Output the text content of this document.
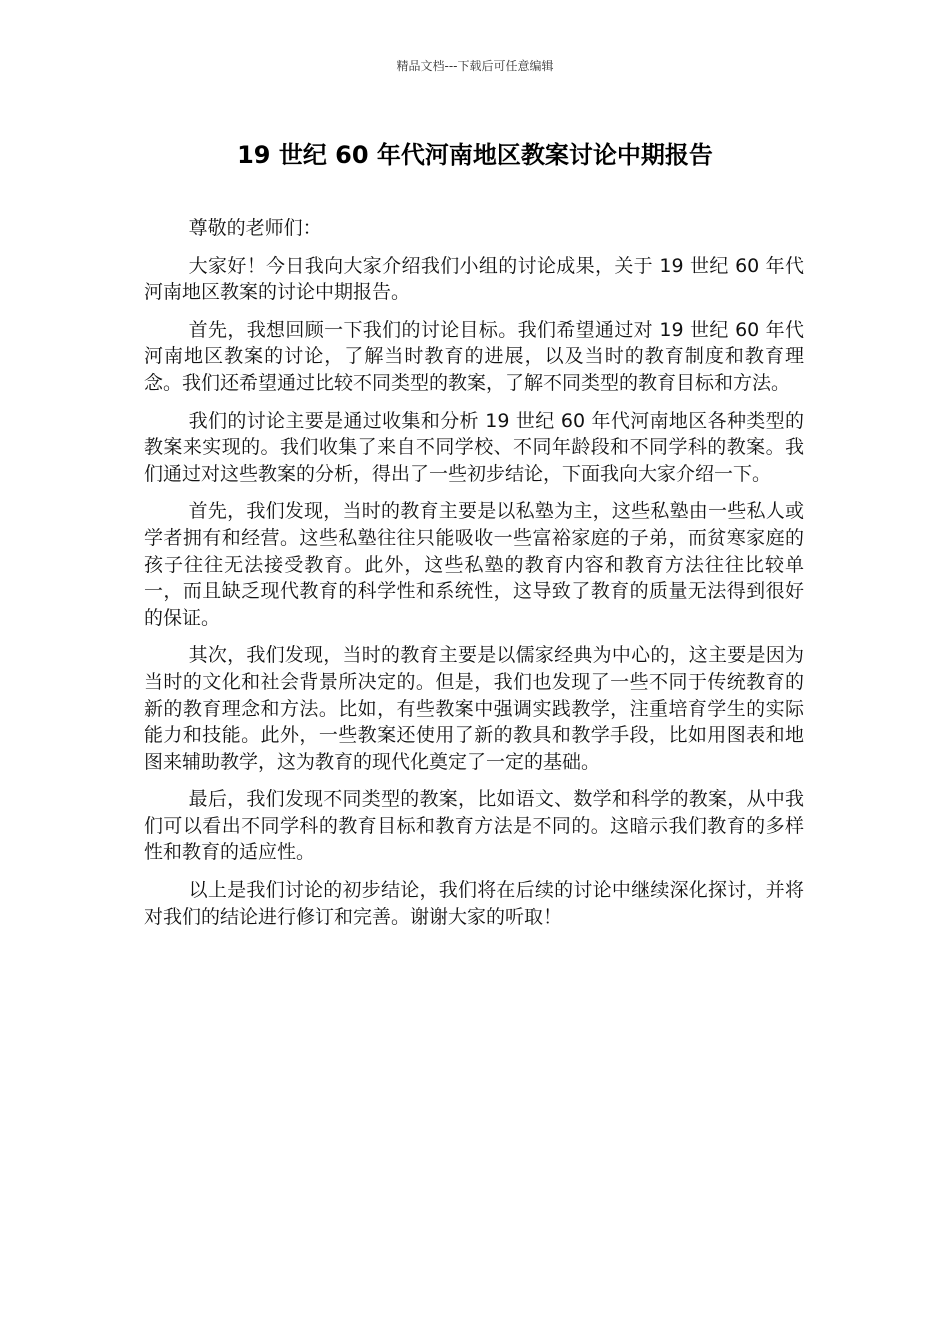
精品文档---下载后可任意编辑
19 世纪 60 年代河南地区教案讨论中期报告

尊敬的老师们：

大家好！今日我向大家介绍我们小组的讨论成果，关于 19 世纪 60 年代河南地区教案的讨论中期报告。

首先，我想回顾一下我们的讨论目标。我们希望通过对 19 世纪 60 年代河南地区教案的讨论，了解当时教育的进展，以及当时的教育制度和教育理念。我们还希望通过比较不同类型的教案，了解不同类型的教育目标和方法。

我们的讨论主要是通过收集和分析 19 世纪 60 年代河南地区各种类型的教案来实现的。我们收集了来自不同学校、不同年龄段和不同学科的教案。我们通过对这些教案的分析，得出了一些初步结论，下面我向大家介绍一下。

首先，我们发现，当时的教育主要是以私塾为主，这些私塾由一些私人或学者拥有和经营。这些私塾往往只能吸收一些富裕家庭的子弟，而贫寒家庭的孩子往往无法接受教育。此外，这些私塾的教育内容和教育方法往往比较单一，而且缺乏现代教育的科学性和系统性，这导致了教育的质量无法得到很好的保证。

其次，我们发现，当时的教育主要是以儒家经典为中心的，这主要是因为当时的文化和社会背景所决定的。但是，我们也发现了一些不同于传统教育的新的教育理念和方法。比如，有些教案中强调实践教学，注重培育学生的实际能力和技能。此外，一些教案还使用了新的教具和教学手段，比如用图表和地图来辅助教学，这为教育的现代化奠定了一定的基础。

最后，我们发现不同类型的教案，比如语文、数学和科学的教案，从中我们可以看出不同学科的教育目标和教育方法是不同的。这暗示我们教育的多样性和教育的适应性。

以上是我们讨论的初步结论，我们将在后续的讨论中继续深化探讨，并将对我们的结论进行修订和完善。谢谢大家的听取！
